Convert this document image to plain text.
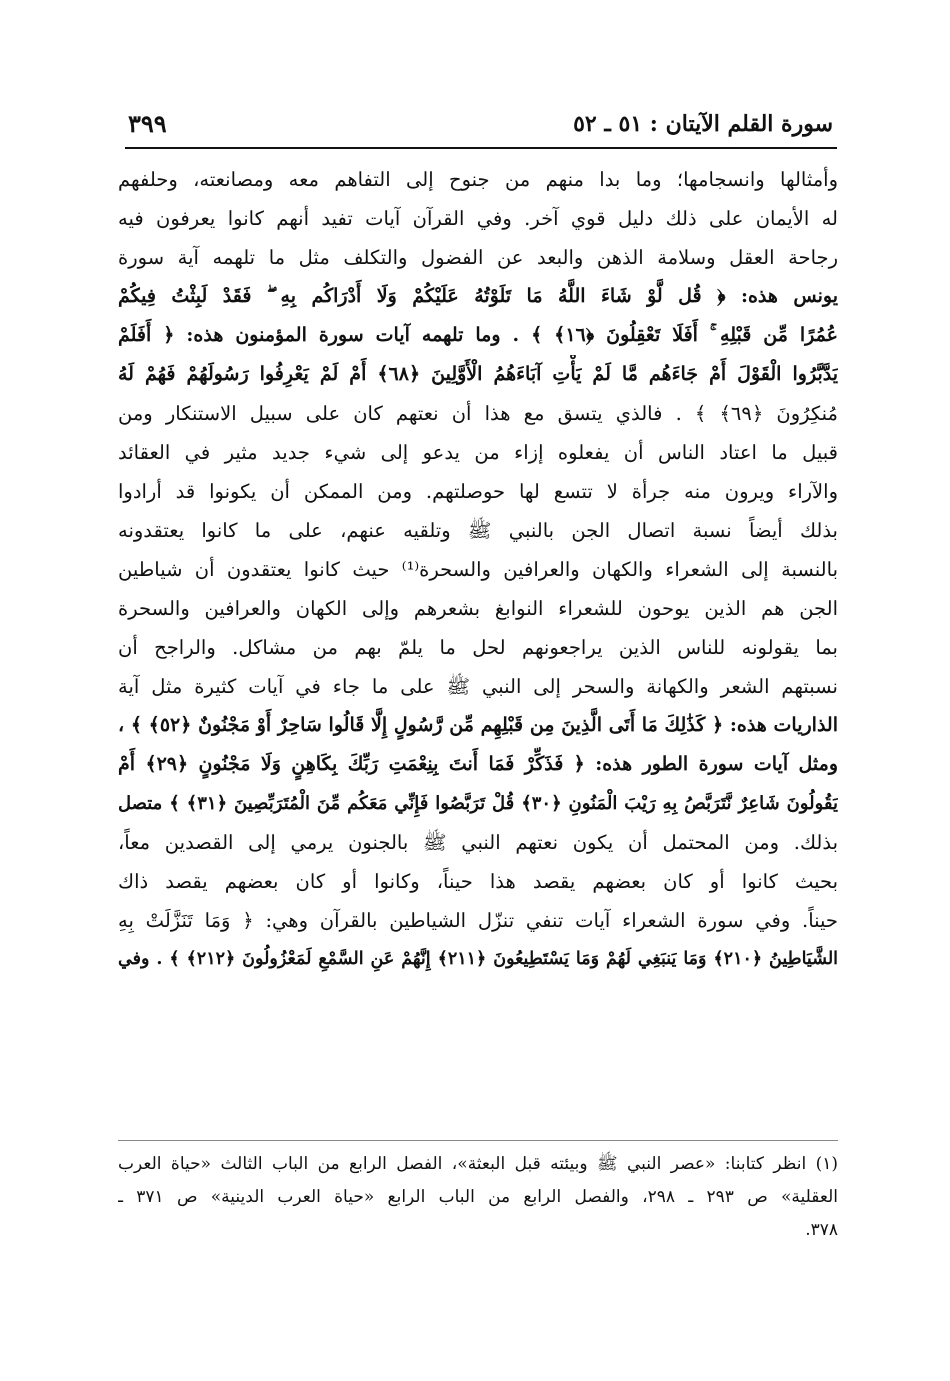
سورة القلم الآيتان : ٥١ ـ ٥٢
٣٩٩
وأمثالها وانسجامها؛ وما بدا منهم من جنوح إلى التفاهم معه ومصانعته، وحلفهم
له الأيمان على ذلك دليل قوي آخر. وفي القرآن آيات تفيد أنهم كانوا يعرفون فيه
رجاحة العقل وسلامة الذهن والبعد عن الفضول والتكلف مثل ما تلهمه آية سورة
يونس هذه: ﴿ قُل لَّوْ شَاءَ اللَّهُ مَا تَلَوْتُهُ عَلَيْكُمْ وَلَا أَدْرَاكُم بِهِ ۖ فَقَدْ لَبِثْتُ فِيكُمْ
عُمُرًا مِّن قَبْلِهِ ۚ أَفَلَا تَعْقِلُونَ ﴿١٦﴾ ﴾ . وما تلهمه آيات سورة المؤمنون هذه: ﴿ أَفَلَمْ
يَدَّبَّرُوا الْقَوْلَ أَمْ جَاءَهُم مَّا لَمْ يَأْتِ آبَاءَهُمُ الْأَوَّلِينَ ﴿٦٨﴾ أَمْ لَمْ يَعْرِفُوا رَسُولَهُمْ فَهُمْ لَهُ
مُنكِرُونَ ﴿٦٩﴾ ﴾ . فالذي يتسق مع هذا أن نعتهم كان على سبيل الاستنكار ومن
قبيل ما اعتاد الناس أن يفعلوه إزاء من يدعو إلى شيء جديد مثير في العقائد
والآراء ويرون منه جرأة لا تتسع لها حوصلتهم. ومن الممكن أن يكونوا قد أرادوا
بذلك أيضاً نسبة اتصال الجن بالنبي ﷺ وتلقيه عنهم، على ما كانوا يعتقدونه
بالنسبة إلى الشعراء والكهان والعرافين والسحرة⁽¹⁾ حيث كانوا يعتقدون أن شياطين
الجن هم الذين يوحون للشعراء النوابغ بشعرهم وإلى الكهان والعرافين والسحرة
بما يقولونه للناس الذين يراجعونهم لحل ما يلمّ بهم من مشاكل. والراجح أن
نسبتهم الشعر والكهانة والسحر إلى النبي ﷺ على ما جاء في آيات كثيرة مثل آية
الذاريات هذه: ﴿ كَذَٰلِكَ مَا أَتَى الَّذِينَ مِن قَبْلِهِم مِّن رَّسُولٍ إِلَّا قَالُوا سَاحِرٌ أَوْ مَجْنُونٌ ﴿٥٢﴾ ﴾ ،
ومثل آيات سورة الطور هذه: ﴿ فَذَكِّرْ فَمَا أَنتَ بِنِعْمَتِ رَبِّكَ بِكَاهِنٍ وَلَا مَجْنُونٍ ﴿٢٩﴾ أَمْ
يَقُولُونَ شَاعِرٌ نَّتَرَبَّصُ بِهِ رَيْبَ الْمَنُونِ ﴿٣٠﴾ قُلْ تَرَبَّصُوا فَإِنِّي مَعَكُم مِّنَ الْمُتَرَبِّصِينَ ﴿٣١﴾ ﴾ متصل
بذلك. ومن المحتمل أن يكون نعتهم النبي ﷺ بالجنون يرمي إلى القصدين معاً،
بحيث كانوا أو كان بعضهم يقصد هذا حيناً، وكانوا أو كان بعضهم يقصد ذاك
حيناً. وفي سورة الشعراء آيات تنفي تنزّل الشياطين بالقرآن وهي: ﴿ وَمَا تَنَزَّلَتْ بِهِ
الشَّيَاطِينُ ﴿٢١٠﴾ وَمَا يَنبَغِي لَهُمْ وَمَا يَسْتَطِيعُونَ ﴿٢١١﴾ إِنَّهُمْ عَنِ السَّمْعِ لَمَعْزُولُونَ ﴿٢١٢﴾ ﴾ . وفي
(١) انظر كتابنا: «عصر النبي ﷺ وبيئته قبل البعثة»، الفصل الرابع من الباب الثالث «حياة العرب
العقلية» ص ٢٩٣ ـ ٢٩٨، والفصل الرابع من الباب الرابع «حياة العرب الدينية» ص ٣٧١ ـ
٣٧٨.
